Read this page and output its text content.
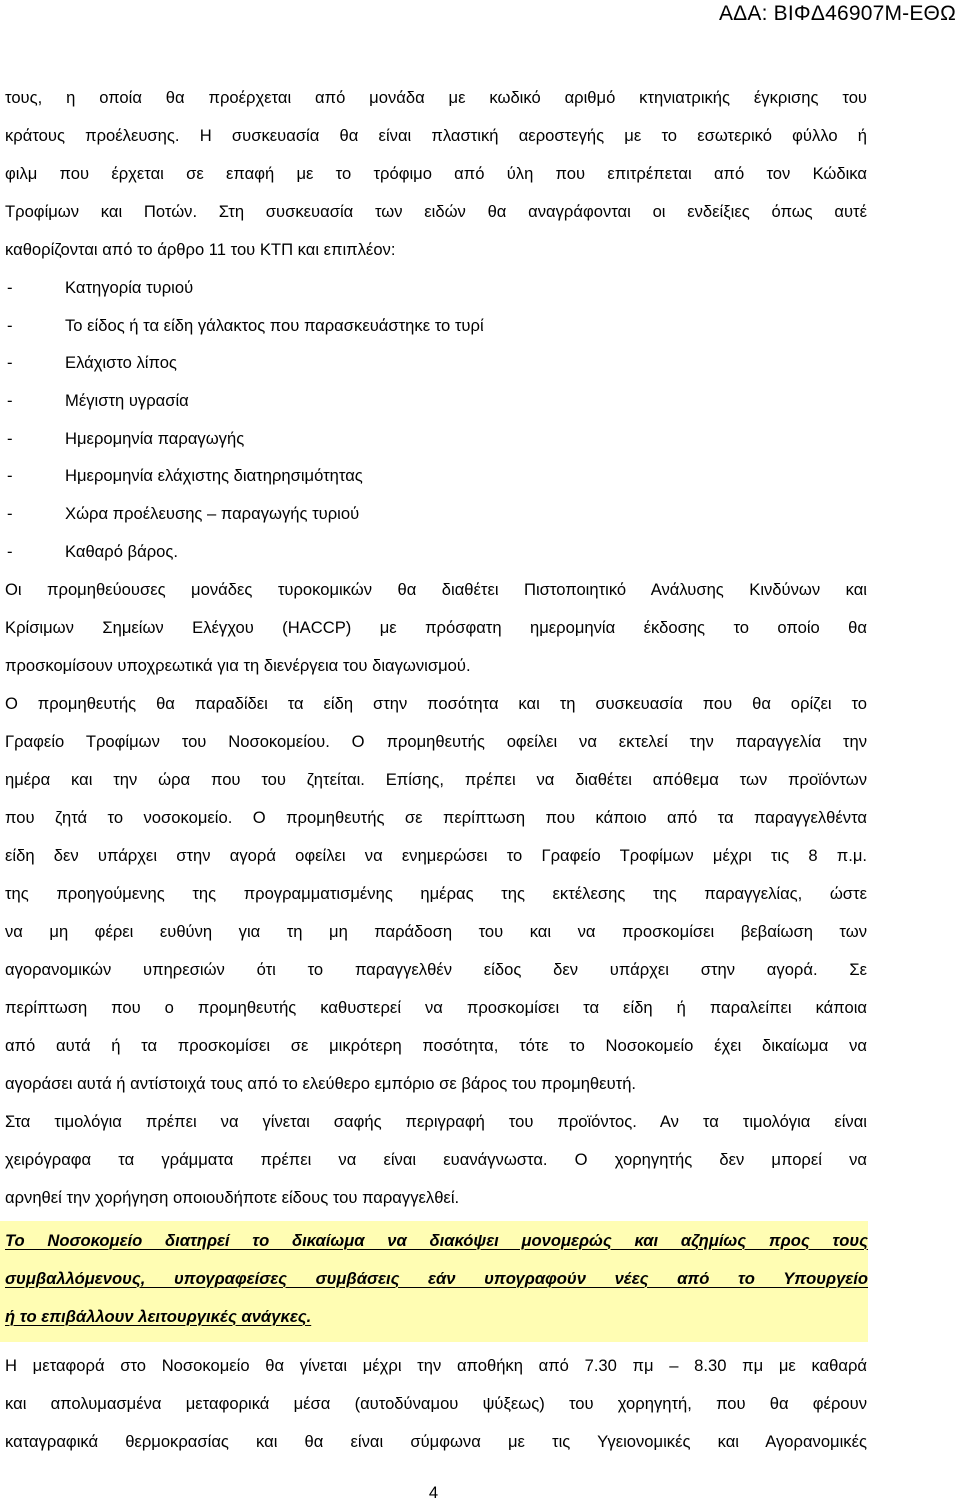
ΑΔΑ: ΒΙΦΔ46907Μ-ΕΘΩ
τους, η οποία θα προέρχεται από μονάδα με κωδικό αριθμό κτηνιατρικής έγκρισης του
κράτους προέλευσης. Η συσκευασία θα είναι πλαστική αεροστεγής με το εσωτερικό φύλλο ή
φιλμ που έρχεται σε επαφή με το τρόφιμο από ύλη που επιτρέπεται από τον Κώδικα
Τροφίμων και Ποτών. Στη συσκευασία των ειδών θα αναγράφονται οι ενδείξιες όπως αυτέ
καθορίζονται από το άρθρο 11 του ΚΤΠ και επιπλέον:
-	Κατηγορία τυριού
-	Το είδος ή τα είδη γάλακτος που παρασκευάστηκε το τυρί
-	Ελάχιστο λίπος
-	Μέγιστη υγρασία
-	Ημερομηνία παραγωγής
-	Ημερομηνία ελάχιστης διατηρησιμότητας
-	Χώρα προέλευσης – παραγωγής τυριού
-	Καθαρό βάρος.
Οι προμηθεύουσες μονάδες τυροκομικών θα διαθέτει Πιστοποιητικό Ανάλυσης Κινδύνων και
Κρίσιμων Σημείων Ελέγχου (HACCP) με πρόσφατη ημερομηνία έκδοσης το οποίο θα
προσκομίσουν υποχρεωτικά για τη διενέργεια του διαγωνισμού.
Ο προμηθευτής θα παραδίδει τα είδη στην ποσότητα και τη συσκευασία που θα ορίζει το
Γραφείο Τροφίμων του Νοσοκομείου. Ο προμηθευτής οφείλει να εκτελεί την παραγγελία την
ημέρα και την ώρα που του ζητείται. Επίσης, πρέπει να διαθέτει απόθεμα των προϊόντων
που ζητά το νοσοκομείο. Ο προμηθευτής σε περίπτωση που κάποιο από τα παραγγελθέντα
είδη δεν υπάρχει στην αγορά οφείλει να ενημερώσει το Γραφείο Τροφίμων μέχρι τις 8 π.μ.
της προηγούμενης της προγραμματισμένης ημέρας της εκτέλεσης της παραγγελίας, ώστε
να μη φέρει ευθύνη για τη μη παράδοση του και να προσκομίσει βεβαίωση των
αγορανομικών υπηρεσιών ότι το παραγγελθέν είδος δεν υπάρχει στην αγορά. Σε
περίπτωση που ο προμηθευτής καθυστερεί να προσκομίσει τα είδη ή παραλείπει κάποια
από αυτά ή τα προσκομίσει σε μικρότερη ποσότητα, τότε το Νοσοκομείο έχει δικαίωμα να
αγοράσει αυτά ή αντίστοιχά τους από το ελεύθερο εμπόριο σε βάρος του προμηθευτή.
Στα τιμολόγια πρέπει να γίνεται σαφής περιγραφή του προϊόντος. Αν τα τιμολόγια είναι
χειρόγραφα τα γράμματα πρέπει να είναι ευανάγνωστα. Ο χορηγητής δεν μπορεί να
αρνηθεί την χορήγηση οποιουδήποτε είδους του παραγγελθεί.
Το Νοσοκομείο διατηρεί το δικαίωμα να διακόψει μονομερώς και αζημίως προς τους
συμβαλλόμενους, υπογραφείσες συμβάσεις εάν υπογραφούν νέες από το Υπουργείο
ή το επιβάλλουν λειτουργικές ανάγκες.
Η μεταφορά στο Νοσοκομείο θα γίνεται μέχρι την αποθήκη από 7.30 πμ – 8.30 πμ με καθαρά
και απολυμασμένα μεταφορικά μέσα (αυτοδύναμου ψύξεως) του χορηγητή, που θα φέρουν
καταγραφικά θερμοκρασίας και θα είναι σύμφωνα με τις Υγειονομικές και Αγορανομικές
4
